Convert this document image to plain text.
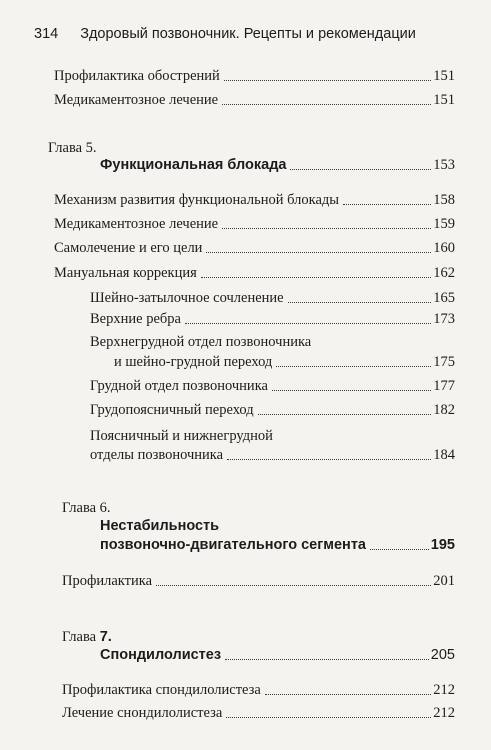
314 Здоровый позвоночник. Рецепты и рекомендации
Профилактика обострений	151
Медикаментозное лечение	151
Глава 5.
Функциональная блокада	153
Механизм развития функциональной блокады	158
Медикаментозное лечение	159
Самолечение и его цели	160
Мануальная коррекция	162
Шейно-затылочное сочленение	165
Верхние ребра	173
Верхнегрудной отдел позвоночника
и шейно-грудной переход	175
Грудной отдел позвоночника	177
Грудопоясничный переход	182
Поясничный и нижнегрудной
отделы позвоночника	184
Глава 6.
Нестабильность
позвоночно-двигательного сегмента	195
Профилактика	201
Глава 7.
Спондилолистез	205
Профилактика спондилолистеза	212
Лечение снондилолистеза	212
